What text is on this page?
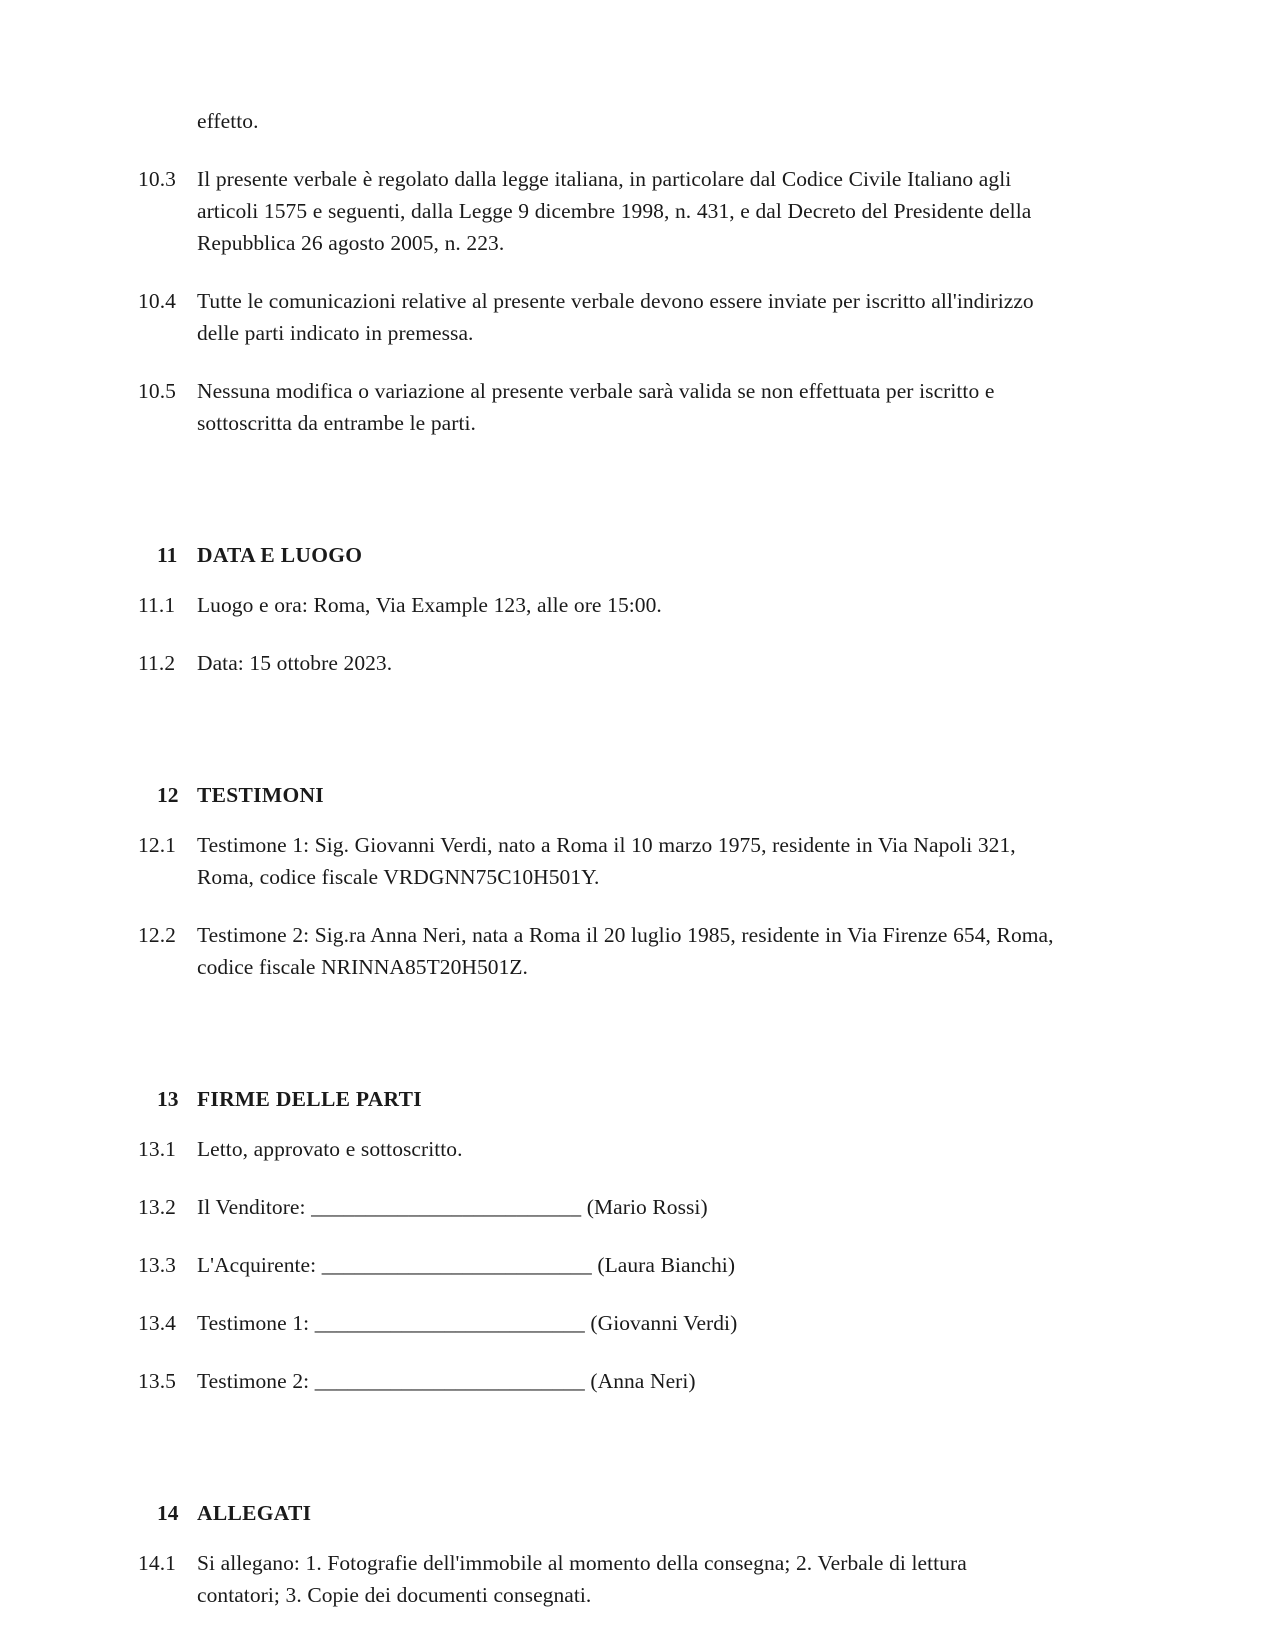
effetto.
10.3 Il presente verbale è regolato dalla legge italiana, in particolare dal Codice Civile Italiano agli articoli 1575 e seguenti, dalla Legge 9 dicembre 1998, n. 431, e dal Decreto del Presidente della Repubblica 26 agosto 2005, n. 223.
10.4 Tutte le comunicazioni relative al presente verbale devono essere inviate per iscritto all'indirizzo delle parti indicato in premessa.
10.5 Nessuna modifica o variazione al presente verbale sarà valida se non effettuata per iscritto e sottoscritta da entrambe le parti.
11 DATA E LUOGO
11.1	Luogo e ora: Roma, Via Example 123, alle ore 15:00.
11.2	Data: 15 ottobre 2023.
12 TESTIMONI
12.1 Testimone 1: Sig. Giovanni Verdi, nato a Roma il 10 marzo 1975, residente in Via Napoli 321, Roma, codice fiscale VRDGNN75C10H501Y.
12.2 Testimone 2: Sig.ra Anna Neri, nata a Roma il 20 luglio 1985, residente in Via Firenze 654, Roma, codice fiscale NRINNA85T20H501Z.
13 FIRME DELLE PARTI
13.1 Letto, approvato e sottoscritto.
13.2 Il Venditore: _________________________ (Mario Rossi)
13.3 L'Acquirente: _________________________ (Laura Bianchi)
13.4 Testimone 1: _________________________ (Giovanni Verdi)
13.5 Testimone 2: _________________________ (Anna Neri)
14 ALLEGATI
14.1 Si allegano: 1. Fotografie dell'immobile al momento della consegna; 2. Verbale di lettura contatori; 3. Copie dei documenti consegnati.
